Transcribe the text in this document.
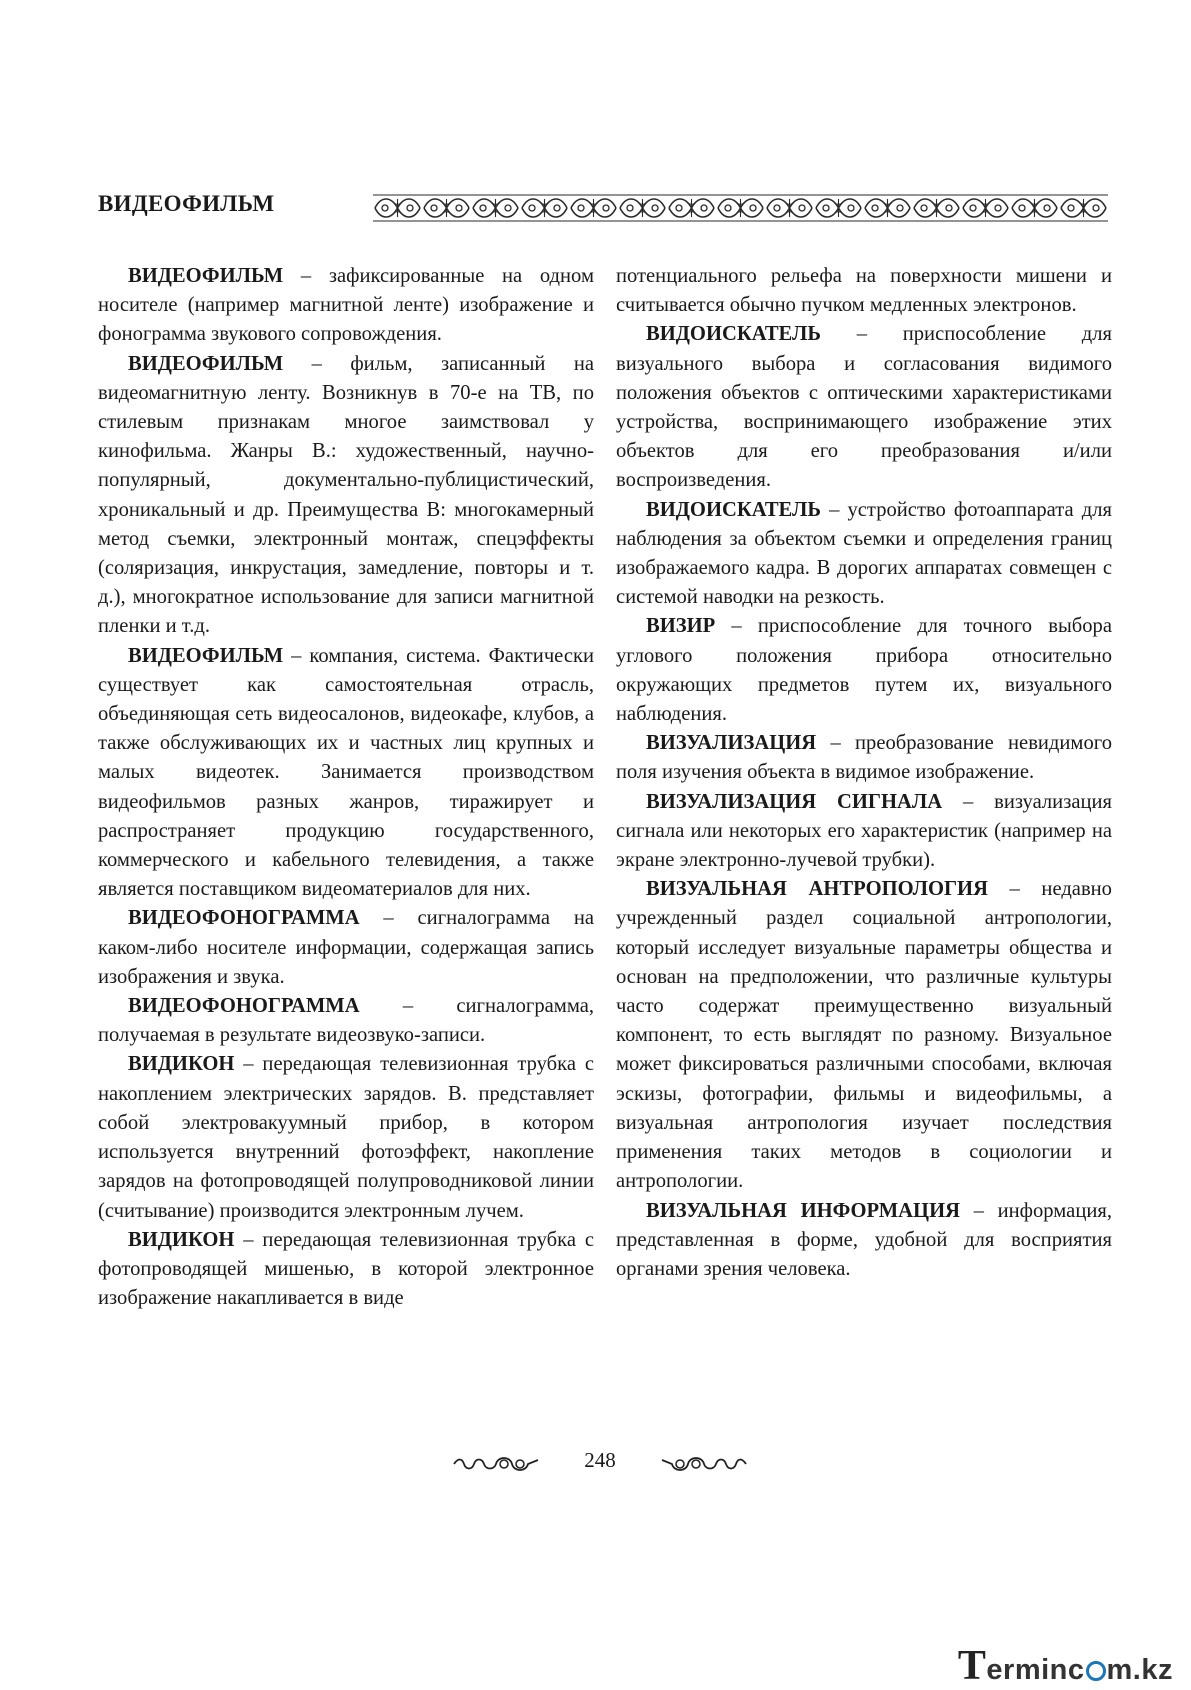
ВИДЕОФИЛЬМ

ВИДЕОФИЛЬМ – зафиксированные на одном носителе (например магнитной ленте) изображение и фонограмма звукового сопровождения.

ВИДЕОФИЛЬМ – фильм, записанный на видеомагнитную ленту. Возникнув в 70-е на ТВ, по стилевым признакам многое заимствовал у кинофильма. Жанры В.: художественный, научно-популярный, документально-публицистический, хроникальный и др. Преимущества В: многокамерный метод съемки, электронный монтаж, спецэффекты (соляризация, инкрустация, замедление, повторы и т. д.), многократное использование для записи магнитной пленки и т.д.

ВИДЕОФИЛЬМ – компания, система. Фактически существует как самостоятельная отрасль, объединяющая сеть видеосалонов, видеокафе, клубов, а также обслуживающих их и частных лиц крупных и малых видеотек. Занимается производством видеофильмов разных жанров, тиражирует и распространяет продукцию государственного, коммерческого и кабельного телевидения, а также является поставщиком видеоматериалов для них.

ВИДЕОФОНОГРАММА – сигналограмма на каком-либо носителе информации, содержащая запись изображения и звука.

ВИДЕОФОНОГРАММА – сигналограмма, получаемая в результате видеозвуко-записи.

ВИДИКОН – передающая телевизионная трубка с накоплением электрических зарядов. В. представляет собой электровакуумный прибор, в котором используется внутренний фотоэффект, накопление зарядов на фотопроводящей полупроводниковой линии (считывание) производится электронным лучем.

ВИДИКОН – передающая телевизионная трубка с фотопроводящей мишенью, в которой электронное изображение накапливается в виде

потенциального рельефа на поверхности мишени и считывается обычно пучком медленных электронов.

ВИДОИСКАТЕЛЬ – приспособление для визуального выбора и согласования видимого положения объектов с оптическими характеристиками устройства, воспринимающего изображение этих объектов для его преобразования и/или воспроизведения.

ВИДОИСКАТЕЛЬ – устройство фотоаппарата для наблюдения за объектом съемки и определения границ изображаемого кадра. В дорогих аппаратах совмещен с системой наводки на резкость.

ВИЗИР – приспособление для точного выбора углового положения прибора относительно окружающих предметов путем их, визуального наблюдения.

ВИЗУАЛИЗАЦИЯ – преобразование невидимого поля изучения объекта в видимое изображение.

ВИЗУАЛИЗАЦИЯ СИГНАЛА – визуализация сигнала или некоторых его характеристик (например на экране электронно-лучевой трубки).

ВИЗУАЛЬНАЯ АНТРОПОЛОГИЯ – недавно учрежденный раздел социальной антропологии, который исследует визуальные параметры общества и основан на предположении, что различные культуры часто содержат преимущественно визуальный компонент, то есть выглядят по разному. Визуальное может фиксироваться различными способами, включая эскизы, фотографии, фильмы и видеофильмы, а визуальная антропология изучает последствия применения таких методов в социологии и антропологии.

ВИЗУАЛЬНАЯ ИНФОРМАЦИЯ – информация, представленная в форме, удобной для восприятия органами зрения человека.

248
Terminc m.kz
